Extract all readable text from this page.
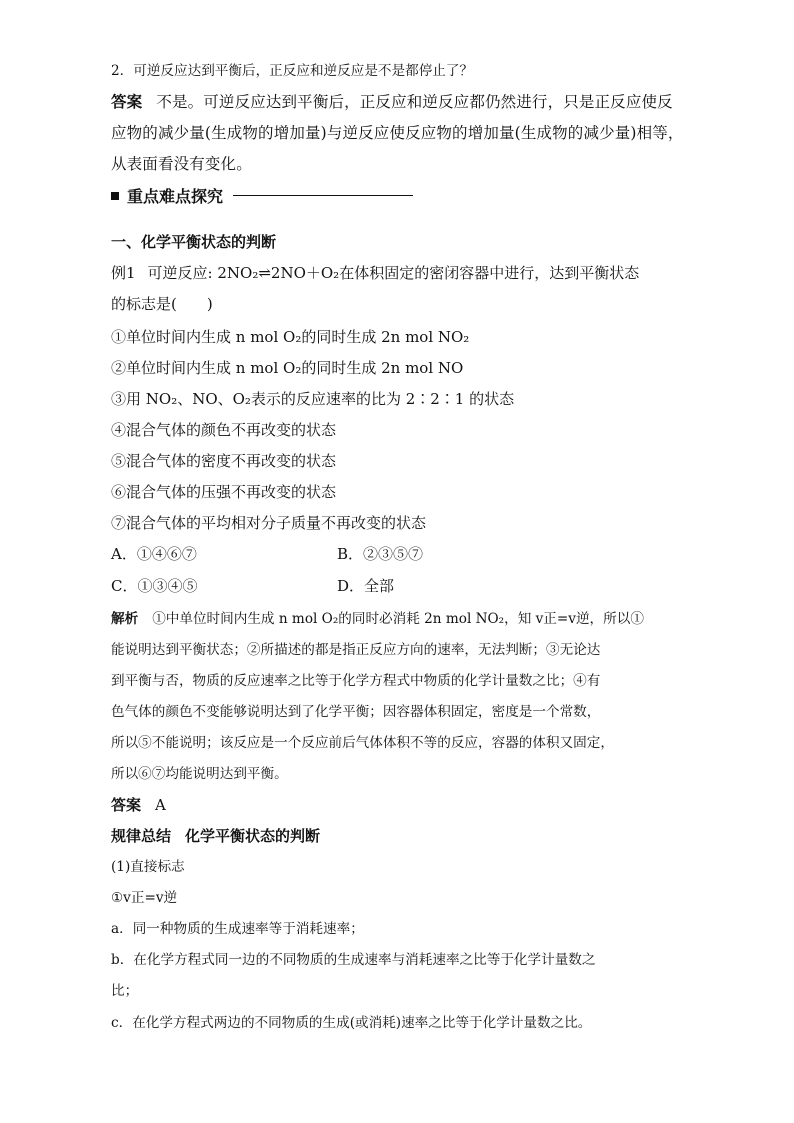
2．可逆反应达到平衡后，正反应和逆反应是不是都停止了？
答案 不是。可逆反应达到平衡后，正反应和逆反应都仍然进行，只是正反应使反
应物的减少量(生成物的增加量)与逆反应使反应物的增加量(生成物的减少量)相等，
从表面看没有变化。
重点难点探究
一、化学平衡状态的判断
例1 可逆反应: 2NO₂⇌2NO＋O₂在体积固定的密闭容器中进行，达到平衡状态
的标志是(　　)
①单位时间内生成 n mol O₂的同时生成 2n mol NO₂
②单位时间内生成 n mol O₂的同时生成 2n mol NO
③用 NO₂、NO、O₂表示的反应速率的比为 2∶2∶1 的状态
④混合气体的颜色不再改变的状态
⑤混合气体的密度不再改变的状态
⑥混合气体的压强不再改变的状态
⑦混合气体的平均相对分子质量不再改变的状态
A．①④⑥⑦	B．②③⑤⑦
C．①③④⑤	D．全部
解析 ①中单位时间内生成 n mol O₂的同时必消耗 2n mol NO₂，知 v正=v逆，所以①
能说明达到平衡状态；②所描述的都是指正反应方向的速率，无法判断；③无论达
到平衡与否，物质的反应速率之比等于化学方程式中物质的化学计量数之比；④有
色气体的颜色不变能够说明达到了化学平衡；因容器体积固定，密度是一个常数，
所以⑤不能说明；该反应是一个反应前后气体体积不等的反应，容器的体积又固定，
所以⑥⑦均能说明达到平衡。
答案 A
规律总结 化学平衡状态的判断
(1)直接标志
①v正=v逆
a．同一种物质的生成速率等于消耗速率；
b．在化学方程式同一边的不同物质的生成速率与消耗速率之比等于化学计量数之
比；
c．在化学方程式两边的不同物质的生成(或消耗)速率之比等于化学计量数之比。
